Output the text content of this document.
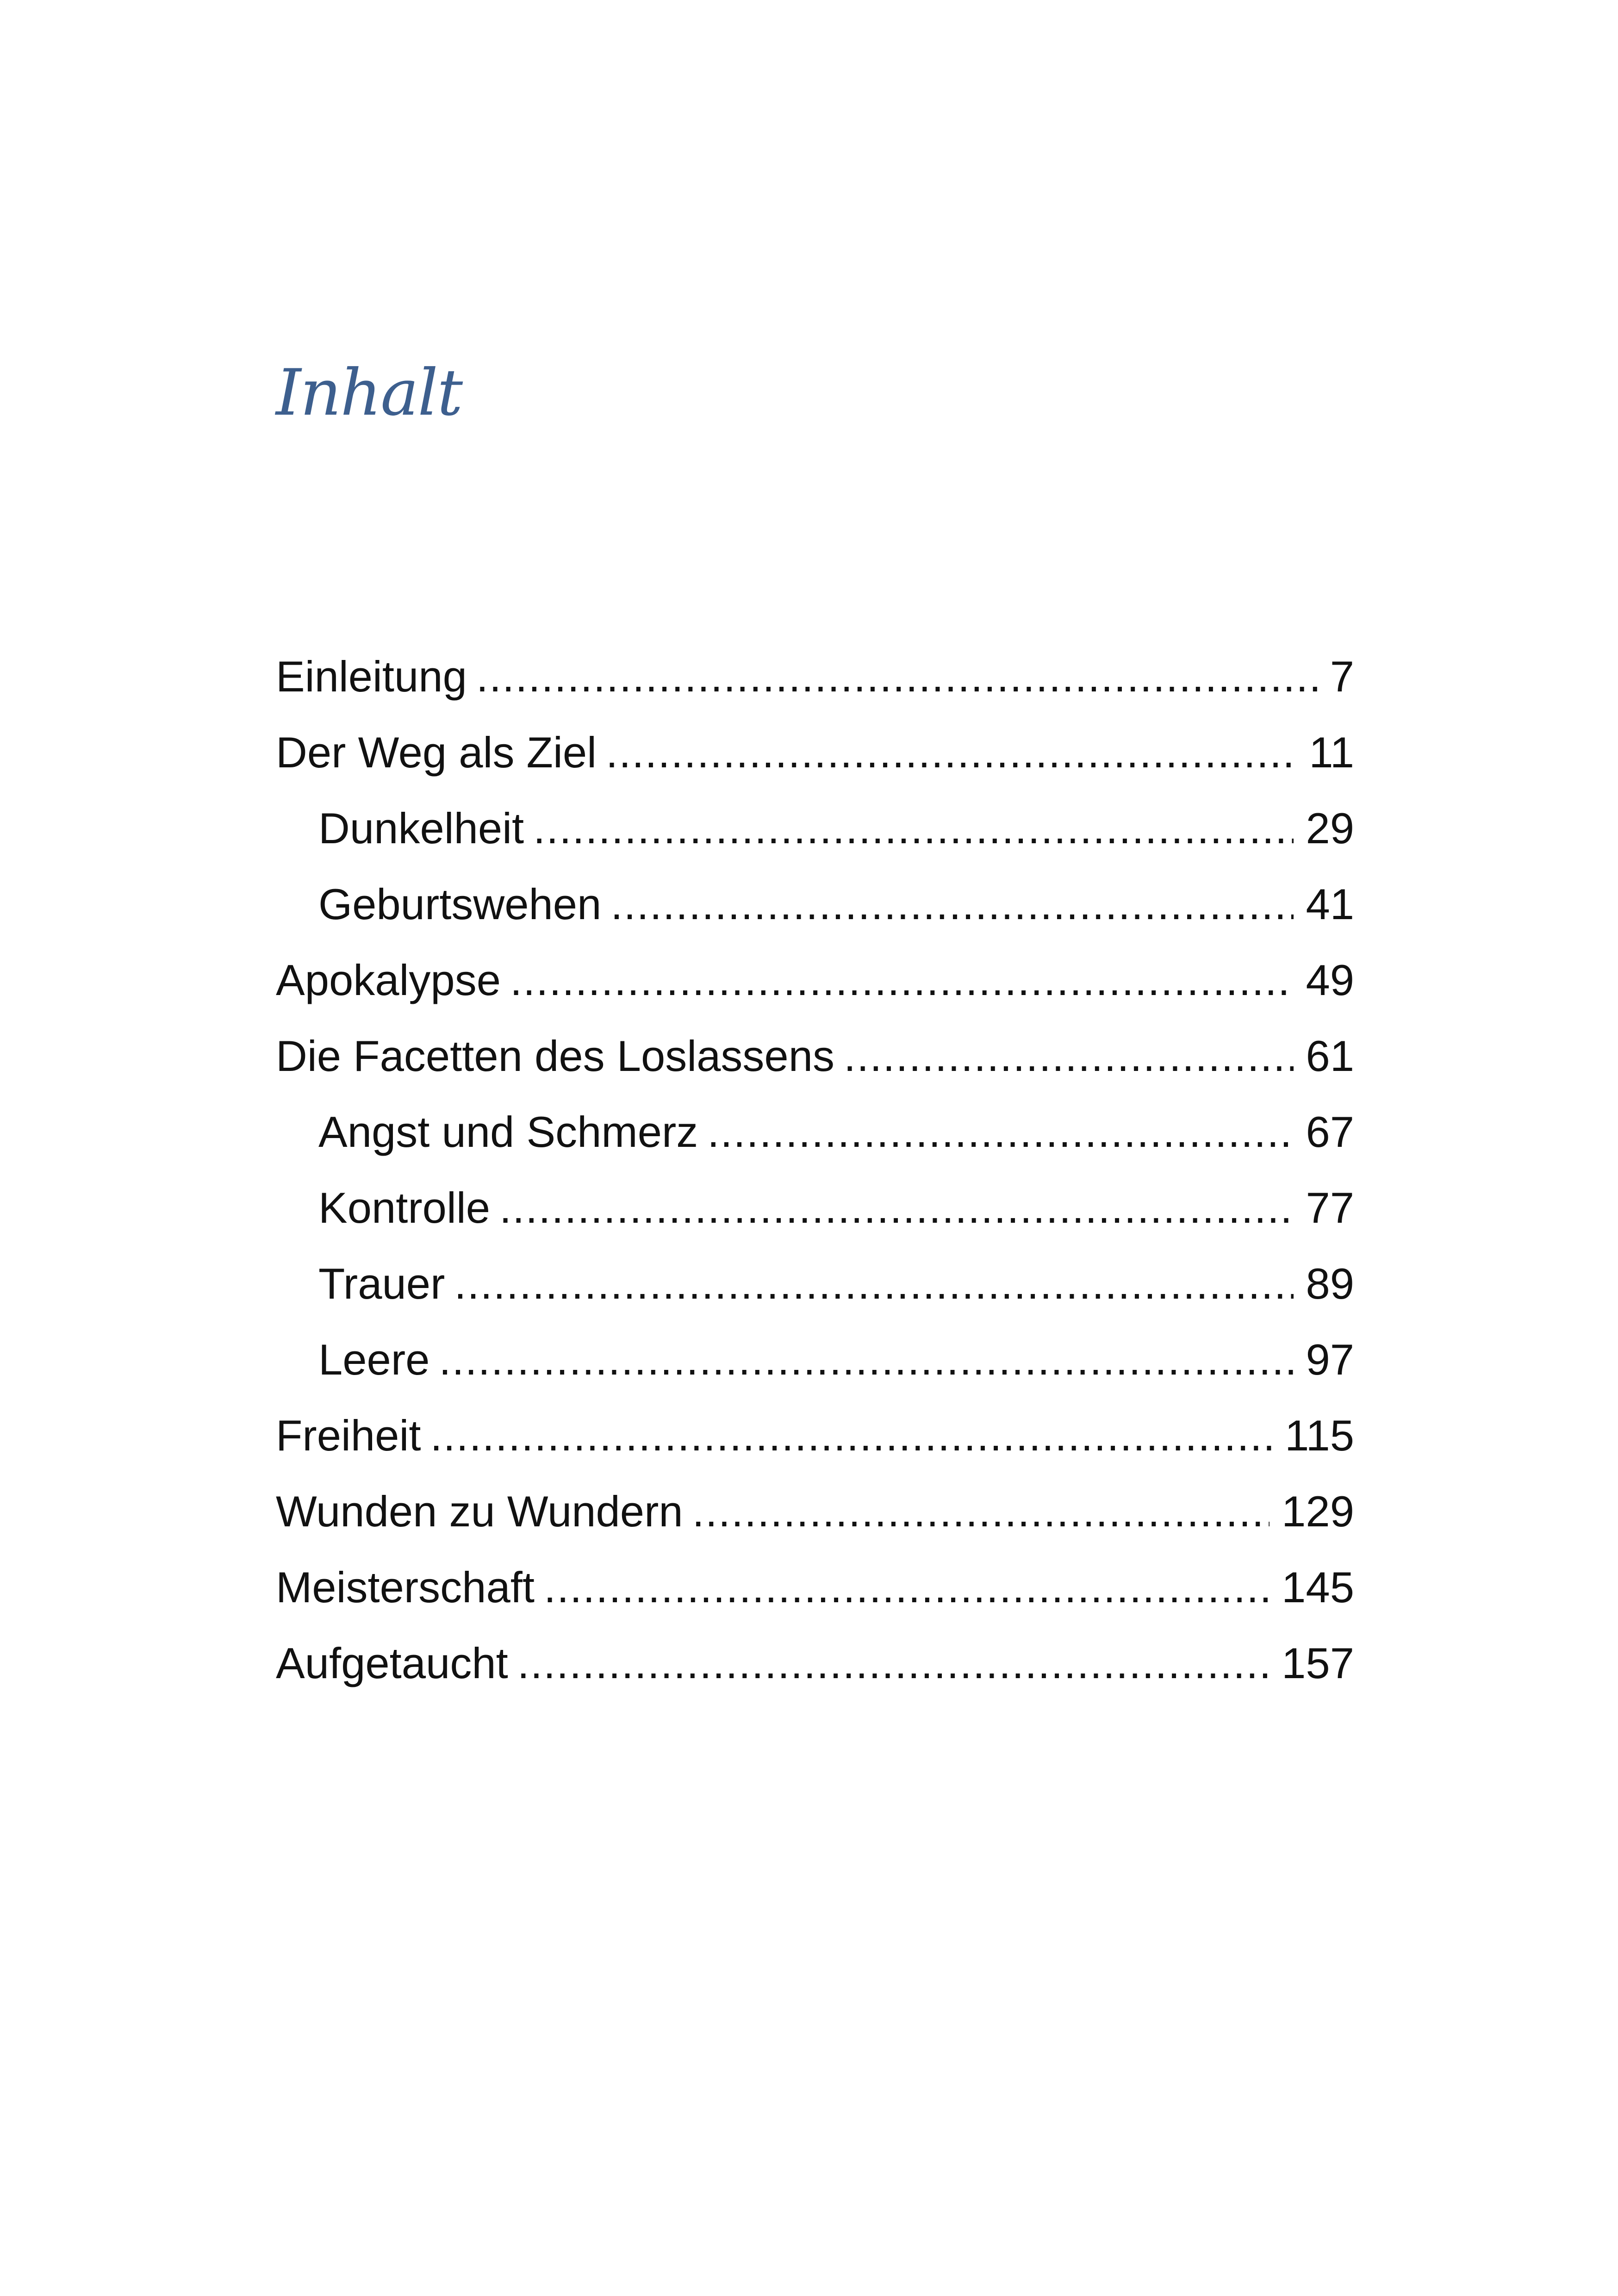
Inhalt
Einleitung .....	7
Der Weg als Ziel .....	11
Dunkelheit .....	29
Geburtswehen .....	41
Apokalypse .....	49
Die Facetten des Loslassens .....	61
Angst und Schmerz .....	67
Kontrolle .....	77
Trauer .....	89
Leere .....	97
Freiheit .....	115
Wunden zu Wundern .....	129
Meisterschaft .....	145
Aufgetaucht .....	157
